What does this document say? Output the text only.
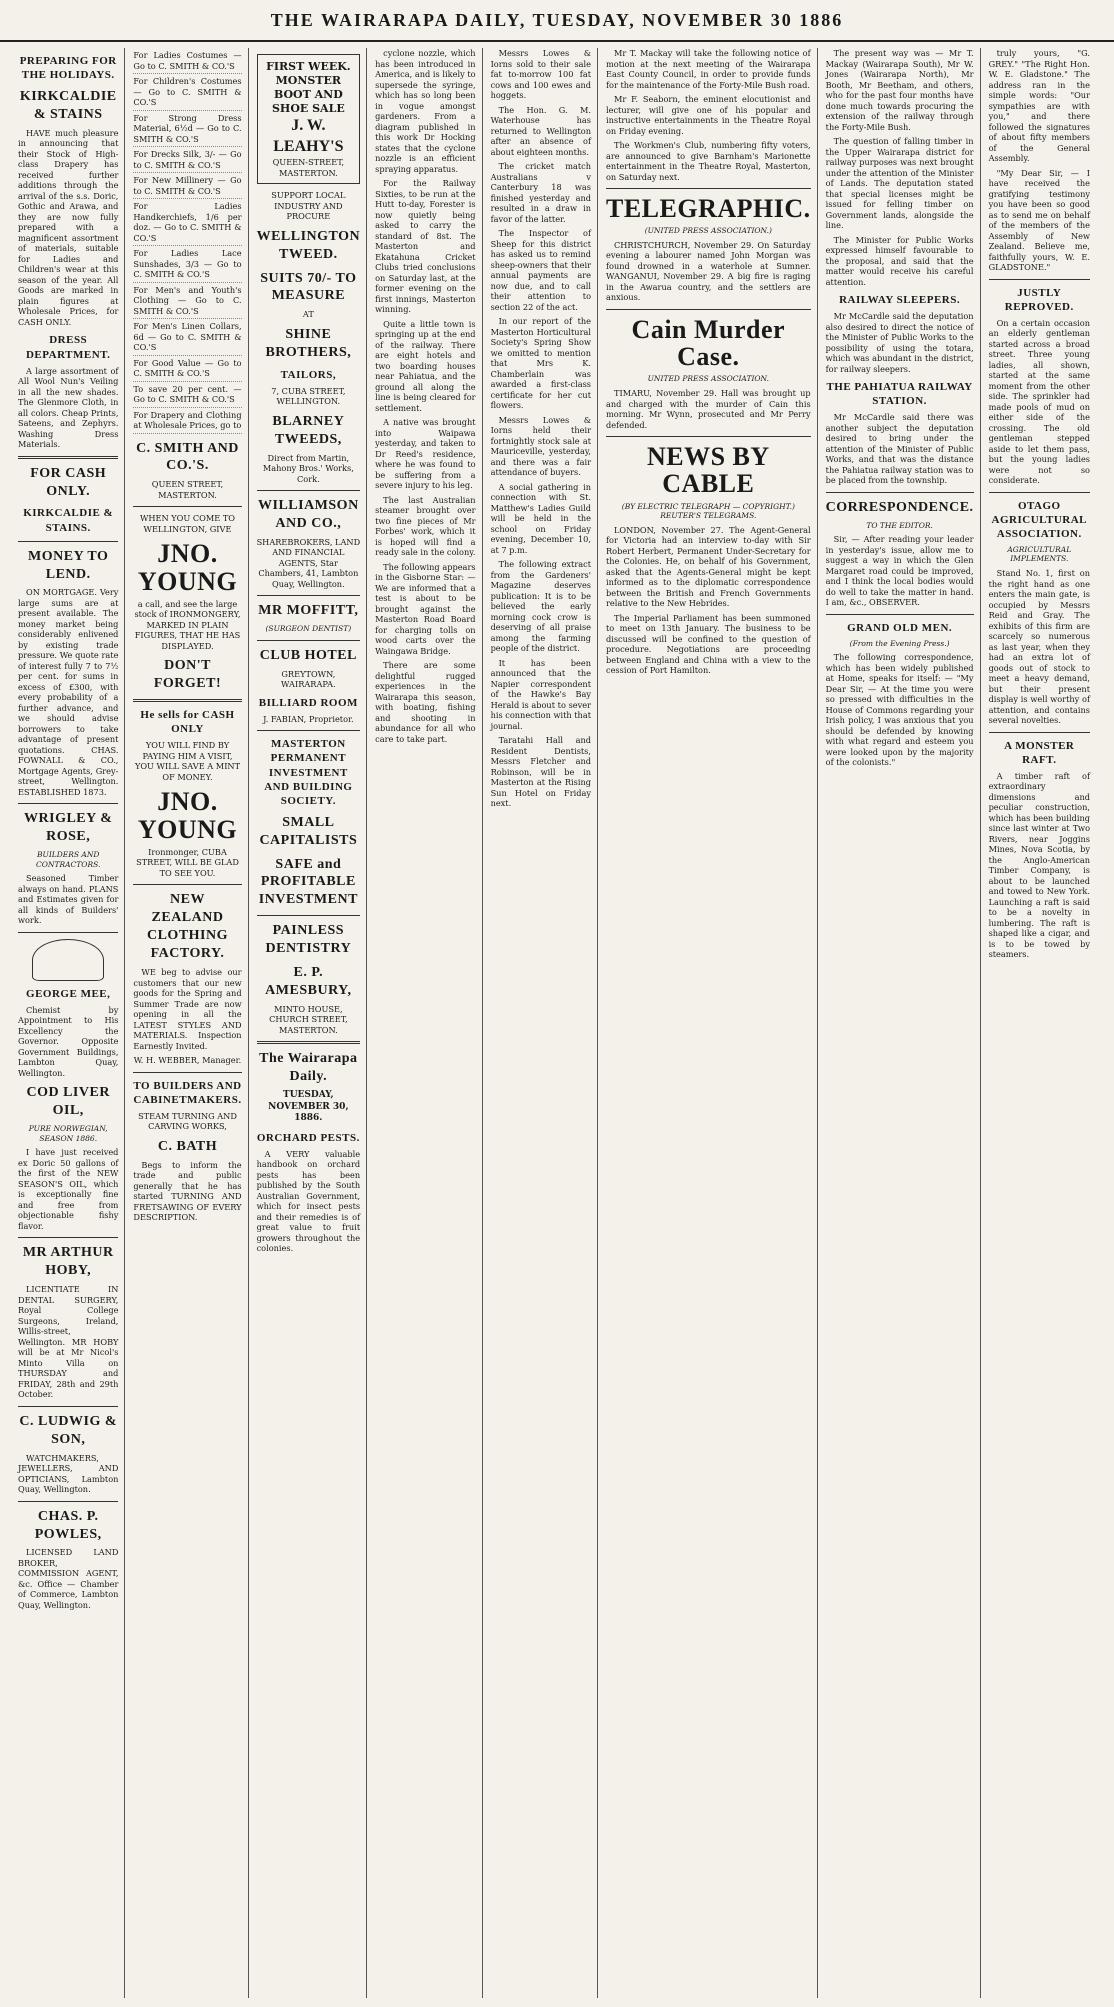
THE WAIRARAPA DAILY, TUESDAY, NOVEMBER 30 1886
PREPARING FOR THE HOLIDAYS.
KIRKCALDIE & STAINS

HAVE much pleasure in announcing that their Stock of High-class Drapery has received further additions through the arrival of the s.s. Doric, Gothic and Arawa, and they are now fully prepared with a magnificent assortment of materials, suitable for Ladies and Children's wear at this season of the year. All Goods are marked in plain figures at Wholesale Prices, for CASH ONLY.

DRESS DEPARTMENT.

A large assortment of All Wool Nun's Veiling in all the new shades. The Glenmore Cloth, in all colors. Cheap Prints, Sateens, and Zephyrs. Washing Dress Materials.

FOR CASH ONLY.
KIRKCALDIE & STAINS.
MONEY TO LEND.

ON MORTGAGE. Very large sums are at present available. The money market being considerably enlivened by existing trade pressure. We quote rate of interest fully 7 to 7½ per cent. for sums in excess of £300, with every probability of a further advance, and we should advise borrowers to take advantage of present quotations. CHAS. FOWNALL & CO., Mortgage Agents, Grey-street, Wellington. ESTABLISHED 1873.

WRIGLEY & ROSE,
BUILDERS AND CONTRACTORS.

Seasoned Timber always on hand. PLANS and Estimates given for all kinds of Builders' work.

GEORGE MEE,

Chemist by Appointment to His Excellency the Governor. Opposite Government Buildings, Lambton Quay, Wellington.

COD LIVER OIL,
PURE NORWEGIAN, SEASON 1886.

I have just received ex Doric 50 gallons of the first of the NEW SEASON'S OIL, which is exceptionally fine and free from objectionable fishy flavor.

MR ARTHUR HOBY,

LICENTIATE IN DENTAL SURGERY, Royal College Surgeons, Ireland, Willis-street, Wellington. MR HOBY will be at Mr Nicol's Minto Villa on THURSDAY and FRIDAY, 28th and 29th October.

C. LUDWIG & SON,

WATCHMAKERS, JEWELLERS, AND OPTICIANS, Lambton Quay, Wellington.

CHAS. P. POWLES,

LICENSED LAND BROKER, COMMISSION AGENT, &c. Office — Chamber of Commerce, Lambton Quay, Wellington.

For Ladies Costumes — Go to C. SMITH & CO.'S
For Children's Costumes — Go to C. SMITH & CO.'S
For Strong Dress Material, 6½d — Go to C. SMITH & CO.'S
For Drecks Silk, 3/- — Go to C. SMITH & CO.'S
For New Millinery — Go to C. SMITH & CO.'S
For Ladies Handkerchiefs, 1/6 per doz. — Go to C. SMITH & CO.'S
For Ladies Lace Sunshades, 3/3 — Go to C. SMITH & CO.'S
For Men's and Youth's Clothing — Go to C. SMITH & CO.'S
For Men's Linen Collars, 6d — Go to C. SMITH & CO.'S
For Good Value — Go to C. SMITH & CO.'S
To save 20 per cent. — Go to C. SMITH & CO.'S
For Drapery and Clothing at Wholesale Prices, go to
C. SMITH AND CO.'S.
QUEEN STREET, MASTERTON.
WHEN YOU COME TO WELLINGTON, GIVE
JNO. YOUNG
a call, and see the large stock of IRONMONGERY, MARKED IN PLAIN FIGURES, THAT HE HAS DISPLAYED.
DON'T FORGET!
He sells for CASH ONLY
YOU WILL FIND BY PAYING HIM A VISIT, YOU WILL SAVE A MINT OF MONEY.
JNO. YOUNG
Ironmonger, CUBA STREET, WILL BE GLAD TO SEE YOU.
NEW ZEALAND CLOTHING FACTORY.

WE beg to advise our customers that our new goods for the Spring and Summer Trade are now opening in all the LATEST STYLES AND MATERIALS. Inspection Earnestly Invited.

W. H. WEBBER, Manager.
TO BUILDERS AND CABINETMAKERS.
STEAM TURNING AND CARVING WORKS,
C. BATH

Begs to inform the trade and public generally that he has started TURNING AND FRETSAWING OF EVERY DESCRIPTION.

FIRST WEEK. MONSTER BOOT AND SHOE SALE
J. W. LEAHY'S
QUEEN-STREET, MASTERTON.
SUPPORT LOCAL INDUSTRY AND PROCURE
WELLINGTON TWEED.
SUITS 70/- TO MEASURE
AT
SHINE BROTHERS,
TAILORS,
7, CUBA STREET, WELLINGTON.
BLARNEY TWEEDS,
Direct from Martin, Mahony Bros.' Works, Cork.
WILLIAMSON AND CO.,
SHAREBROKERS, LAND AND FINANCIAL AGENTS, Star Chambers, 41, Lambton Quay, Wellington.
MR MOFFITT,
(SURGEON DENTIST)
CLUB HOTEL
GREYTOWN, WAIRARAPA.
BILLIARD ROOM
J. FABIAN, Proprietor.
MASTERTON PERMANENT INVESTMENT AND BUILDING SOCIETY.
SMALL CAPITALISTS
SAFE and PROFITABLE INVESTMENT
PAINLESS DENTISTRY
E. P. AMESBURY,
MINTO HOUSE, CHURCH STREET, MASTERTON.
The Wairarapa Daily.
TUESDAY, NOVEMBER 30, 1886.
ORCHARD PESTS.

A VERY valuable handbook on orchard pests has been published by the South Australian Government, which for insect pests and their remedies is of great value to fruit growers throughout the colonies.

cyclone nozzle, which has been introduced in America, and is likely to supersede the syringe, which has so long been in vogue amongst gardeners. From a diagram published in this work Dr Hocking states that the cyclone nozzle is an efficient spraying apparatus.

For the Railway Sixties, to be run at the Hutt to-day, Forester is now quietly being asked to carry the standard of 8st. The Masterton and Ekatahuna Cricket Clubs tried conclusions on Saturday last, at the former evening on the first innings, Masterton winning.

Quite a little town is springing up at the end of the railway. There are eight hotels and two boarding houses near Pahiatua, and the ground all along the line is being cleared for settlement.

A native was brought into Waipawa yesterday, and taken to Dr Reed's residence, where he was found to be suffering from a severe injury to his leg.

The last Australian steamer brought over two fine pieces of Mr Forbes' work, which it is hoped will find a ready sale in the colony.

The following appears in the Gisborne Star: — We are informed that a test is about to be brought against the Masterton Road Board for charging tolls on wood carts over the Waingawa Bridge.

There are some delightful rugged experiences in the Wairarapa this season, with boating, fishing and shooting in abundance for all who care to take part.

Messrs Lowes & Iorns sold to their sale fat to-morrow 100 fat cows and 100 ewes and hoggets.

The Hon. G. M. Waterhouse has returned to Wellington after an absence of about eighteen months.

The cricket match Australians v Canterbury 18 was finished yesterday and resulted in a draw in favor of the latter.

The Inspector of Sheep for this district has asked us to remind sheep-owners that their annual payments are now due, and to call their attention to section 22 of the act.

In our report of the Masterton Horticultural Society's Spring Show we omitted to mention that Mrs K. Chamberlain was awarded a first-class certificate for her cut flowers.

Messrs Lowes & Iorns held their fortnightly stock sale at Mauriceville, yesterday, and there was a fair attendance of buyers.

A social gathering in connection with St. Matthew's Ladies Guild will be held in the school on Friday evening, December 10, at 7 p.m.

The following extract from the Gardeners' Magazine deserves publication: It is to be believed the early morning cock crow is deserving of all praise among the farming people of the district.

It has been announced that the Napier correspondent of the Hawke's Bay Herald is about to sever his connection with that journal.

Taratahi Hall and Resident Dentists, Messrs Fletcher and Robinson, will be in Masterton at the Rising Sun Hotel on Friday next.

Mr T. Mackay will take the following notice of motion at the next meeting of the Wairarapa East County Council, in order to provide funds for the maintenance of the Forty-Mile Bush road.

Mr F. Seaborn, the eminent elocutionist and lecturer, will give one of his popular and instructive entertainments in the Theatre Royal on Friday evening.

The Workmen's Club, numbering fifty voters, are announced to give Barnham's Marionette entertainment in the Theatre Royal, Masterton, on Saturday next.

TELEGRAPHIC.
(UNITED PRESS ASSOCIATION.)

CHRISTCHURCH, November 29. On Saturday evening a labourer named John Morgan was found drowned in a waterhole at Sumner. WANGANUI, November 29. A big fire is raging in the Awarua country, and the settlers are anxious.

Cain Murder Case.
UNITED PRESS ASSOCIATION.

TIMARU, November 29. Hall was brought up and charged with the murder of Cain this morning. Mr Wynn, prosecuted and Mr Perry defended.

NEWS BY CABLE
(BY ELECTRIC TELEGRAPH — COPYRIGHT.) REUTER'S TELEGRAMS.

LONDON, November 27. The Agent-General for Victoria had an interview to-day with Sir Robert Herbert, Permanent Under-Secretary for the Colonies. He, on behalf of his Government, asked that the Agents-General might be kept informed as to the diplomatic correspondence between the British and French Governments relative to the New Hebrides.

The Imperial Parliament has been summoned to meet on 13th January. The business to be discussed will be confined to the question of procedure. Negotiations are proceeding between England and China with a view to the cession of Port Hamilton.

The present way was — Mr T. Mackay (Wairarapa South), Mr W. Jones (Wairarapa North), Mr Booth, Mr Beetham, and others, who for the past four months have done much towards procuring the extension of the railway through the Forty-Mile Bush.

The question of falling timber in the Upper Wairarapa district for railway purposes was next brought under the attention of the Minister of Lands. The deputation stated that special licenses might be issued for felling timber on Government lands, alongside the line.

The Minister for Public Works expressed himself favourable to the proposal, and said that the matter would receive his careful attention.

RAILWAY SLEEPERS.

Mr McCardle said the deputation also desired to direct the notice of the Minister of Public Works to the possibility of using the totara, which was abundant in the district, for railway sleepers.

THE PAHIATUA RAILWAY STATION.

Mr McCardle said there was another subject the deputation desired to bring under the attention of the Minister of Public Works, and that was the distance the Pahiatua railway station was to be placed from the township.

CORRESPONDENCE.
TO THE EDITOR.

Sir, — After reading your leader in yesterday's issue, allow me to suggest a way in which the Glen Margaret road could be improved, and I think the local bodies would do well to take the matter in hand. I am, &c., OBSERVER.

GRAND OLD MEN.
(From the Evening Press.)

The following correspondence, which has been widely published at Home, speaks for itself: — "My Dear Sir, — At the time you were so pressed with difficulties in the House of Commons regarding your Irish policy, I was anxious that you should be defended by knowing with what regard and esteem you were looked upon by the majority of the colonists."

truly yours, "G. GREY." "The Right Hon. W. E. Gladstone." The address ran in the simple words: "Our sympathies are with you," and there followed the signatures of about fifty members of the General Assembly.

"My Dear Sir, — I have received the gratifying testimony you have been so good as to send me on behalf of the members of the Assembly of New Zealand. Believe me, faithfully yours, W. E. GLADSTONE."

JUSTLY REPROVED.

On a certain occasion an elderly gentleman started across a broad street. Three young ladies, all shown, started at the same moment from the other side. The sprinkler had made pools of mud on either side of the crossing. The old gentleman stepped aside to let them pass, but the young ladies were not so considerate.

OTAGO AGRICULTURAL ASSOCIATION.
AGRICULTURAL IMPLEMENTS.

Stand No. 1, first on the right hand as one enters the main gate, is occupied by Messrs Reid and Gray. The exhibits of this firm are scarcely so numerous as last year, when they had an extra lot of goods out of stock to meet a heavy demand, but their present display is well worthy of attention, and contains several novelties.

A MONSTER RAFT.

A timber raft of extraordinary dimensions and peculiar construction, which has been building since last winter at Two Rivers, near Joggins Mines, Nova Scotia, by the Anglo-American Timber Company, is about to be launched and towed to New York. Launching a raft is said to be a novelty in lumbering. The raft is shaped like a cigar, and is to be towed by steamers.
